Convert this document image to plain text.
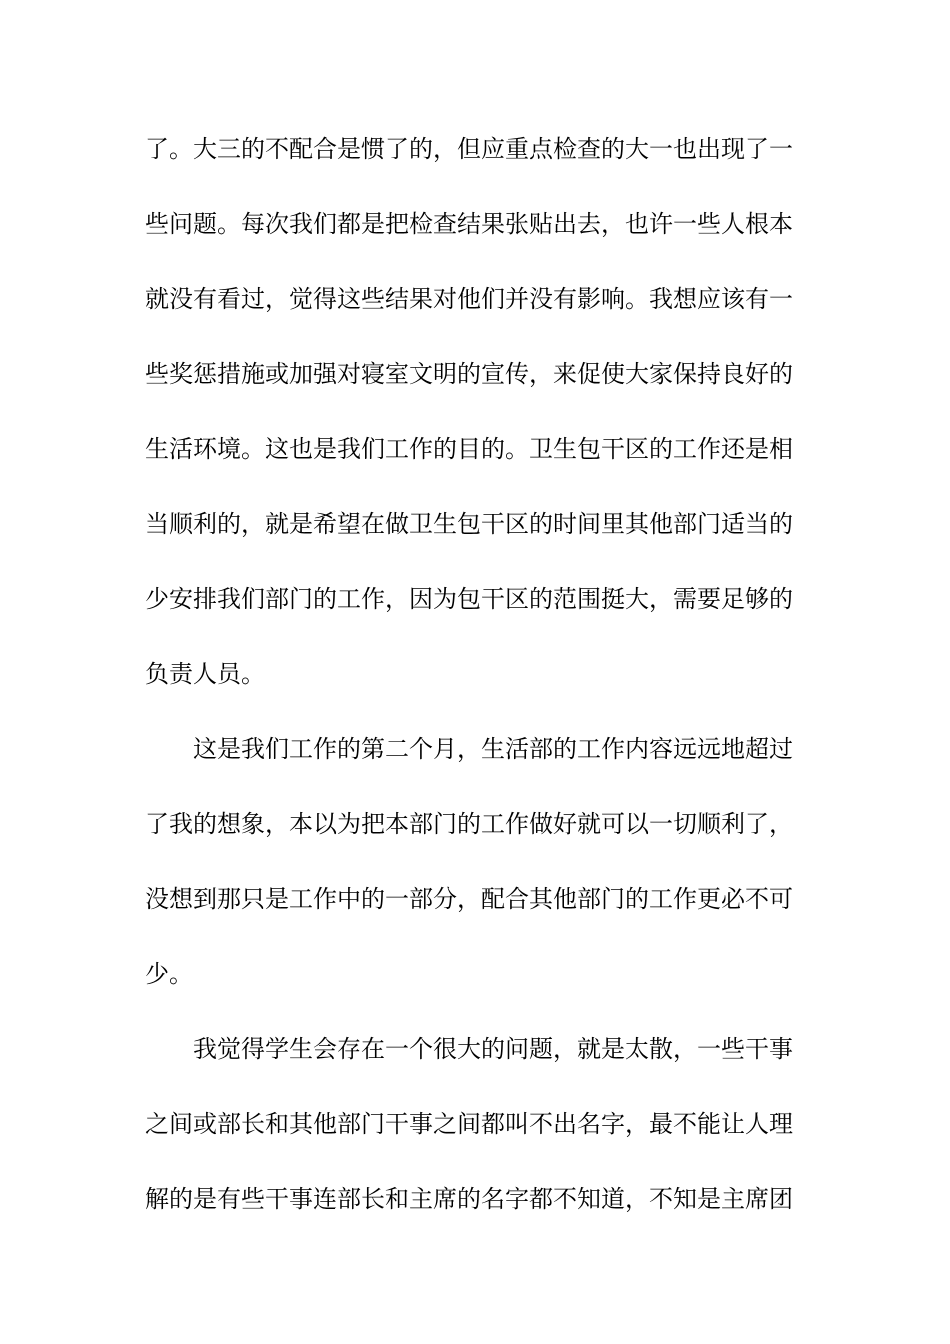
了。大三的不配合是惯了的，但应重点检查的大一也出现了一
些问题。每次我们都是把检查结果张贴出去，也许一些人根本
就没有看过，觉得这些结果对他们并没有影响。我想应该有一
些奖惩措施或加强对寝室文明的宣传，来促使大家保持良好的
生活环境。这也是我们工作的目的。卫生包干区的工作还是相
当顺利的，就是希望在做卫生包干区的时间里其他部门适当的
少安排我们部门的工作，因为包干区的范围挺大，需要足够的
负责人员。
这是我们工作的第二个月，生活部的工作内容远远地超过
了我的想象，本以为把本部门的工作做好就可以一切顺利了，
没想到那只是工作中的一部分，配合其他部门的工作更必不可
少。
我觉得学生会存在一个很大的问题，就是太散，一些干事
之间或部长和其他部门干事之间都叫不出名字，最不能让人理
解的是有些干事连部长和主席的名字都不知道，不知是主席团
